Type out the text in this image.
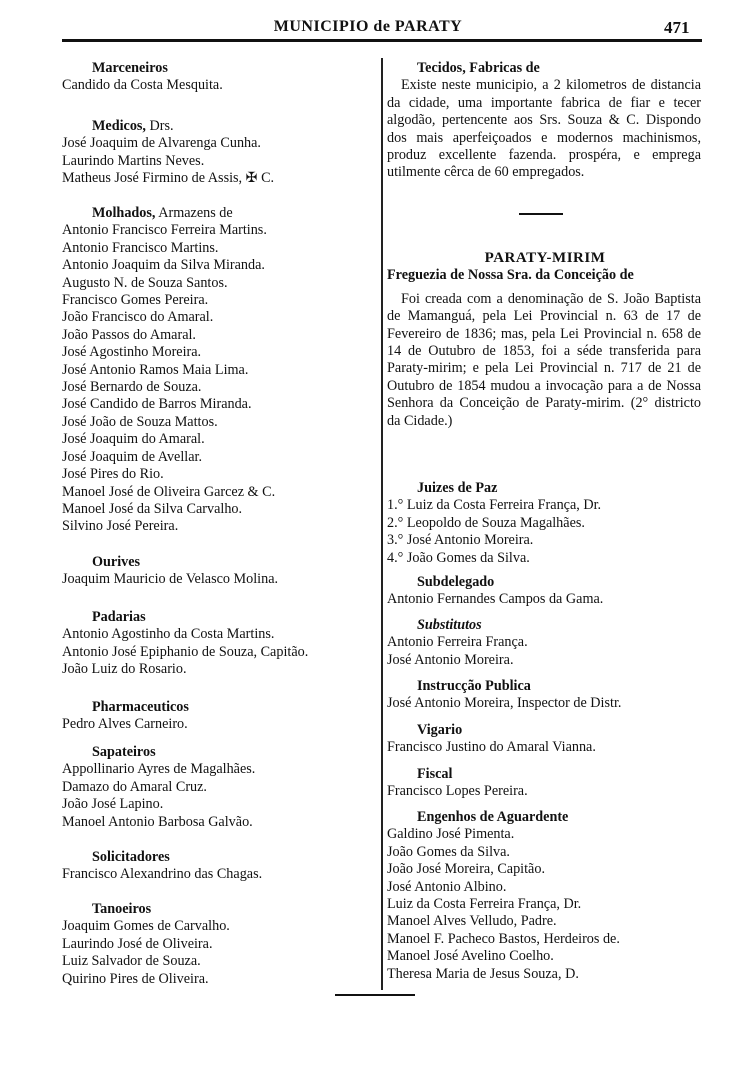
MUNICIPIO de PARATY	471
Marceneiros
Candido da Costa Mesquita.
Medicos, Drs.
José Joaquim de Alvarenga Cunha.
Laurindo Martins Neves.
Matheus José Firmino de Assis, ✠ C.
Molhados, Armazens de
Antonio Francisco Ferreira Martins.
Antonio Francisco Martins.
Antonio Joaquim da Silva Miranda.
Augusto N. de Souza Santos.
Francisco Gomes Pereira.
João Francisco do Amaral.
João Passos do Amaral.
José Agostinho Moreira.
José Antonio Ramos Maia Lima.
José Bernardo de Souza.
José Candido de Barros Miranda.
José João de Souza Mattos.
José Joaquim do Amaral.
José Joaquim de Avellar.
José Pires do Rio.
Manoel José de Oliveira Garcez & C.
Manoel José da Silva Carvalho.
Silvino José Pereira.
Ourives
Joaquim Mauricio de Velasco Molina.
Padarias
Antonio Agostinho da Costa Martins.
Antonio José Epiphanio de Souza, Capitão.
João Luiz do Rosario.
Pharmaceuticos
Pedro Alves Carneiro.
Sapateiros
Appollinario Ayres de Magalhães.
Damazo do Amaral Cruz.
João José Lapino.
Manoel Antonio Barbosa Galvão.
Solicitadores
Francisco Alexandrino das Chagas.
Tanoeiros
Joaquim Gomes de Carvalho.
Laurindo José de Oliveira.
Luiz Salvador de Souza.
Quirino Pires de Oliveira.
Tecidos, Fabricas de
Existe neste municipio, a 2 kilometros de distancia da cidade, uma importante fabrica de fiar e tecer algodão, pertencente aos Srs. Souza & C. Dispondo dos mais aperfeiçoados e modernos machinismos, produz excellente fazenda. prospéra, e emprega utilmente cêrca de 60 empregados.
PARATY-MIRIM
Freguezia de Nossa Sra. da Conceição de
Foi creada com a denominação de S. João Baptista de Mamanguá, pela Lei Provincial n. 63 de 17 de Fevereiro de 1836; mas, pela Lei Provincial n. 658 de 14 de Outubro de 1853, foi a séde transferida para Paraty-mirim; e pela Lei Provincial n. 717 de 21 de Outubro de 1854 mudou a invocação para a de Nossa Senhora da Conceição de Paraty-mirim. (2° districto da Cidade.)
Juizes de Paz
1.° Luiz da Costa Ferreira França, Dr.
2.° Leopoldo de Souza Magalhães.
3.° José Antonio Moreira.
4.° João Gomes da Silva.
Subdelegado
Antonio Fernandes Campos da Gama.
Substitutos
Antonio Ferreira França.
José Antonio Moreira.
Instrucção Publica
José Antonio Moreira, Inspector de Distr.
Vigario
Francisco Justino do Amaral Vianna.
Fiscal
Francisco Lopes Pereira.
Engenhos de Aguardente
Galdino José Pimenta.
João Gomes da Silva.
João José Moreira, Capitão.
José Antonio Albino.
Luiz da Costa Ferreira França, Dr.
Manoel Alves Velludo, Padre.
Manoel F. Pacheco Bastos, Herdeiros de.
Manoel José Avelino Coelho.
Theresa Maria de Jesus Souza, D.
